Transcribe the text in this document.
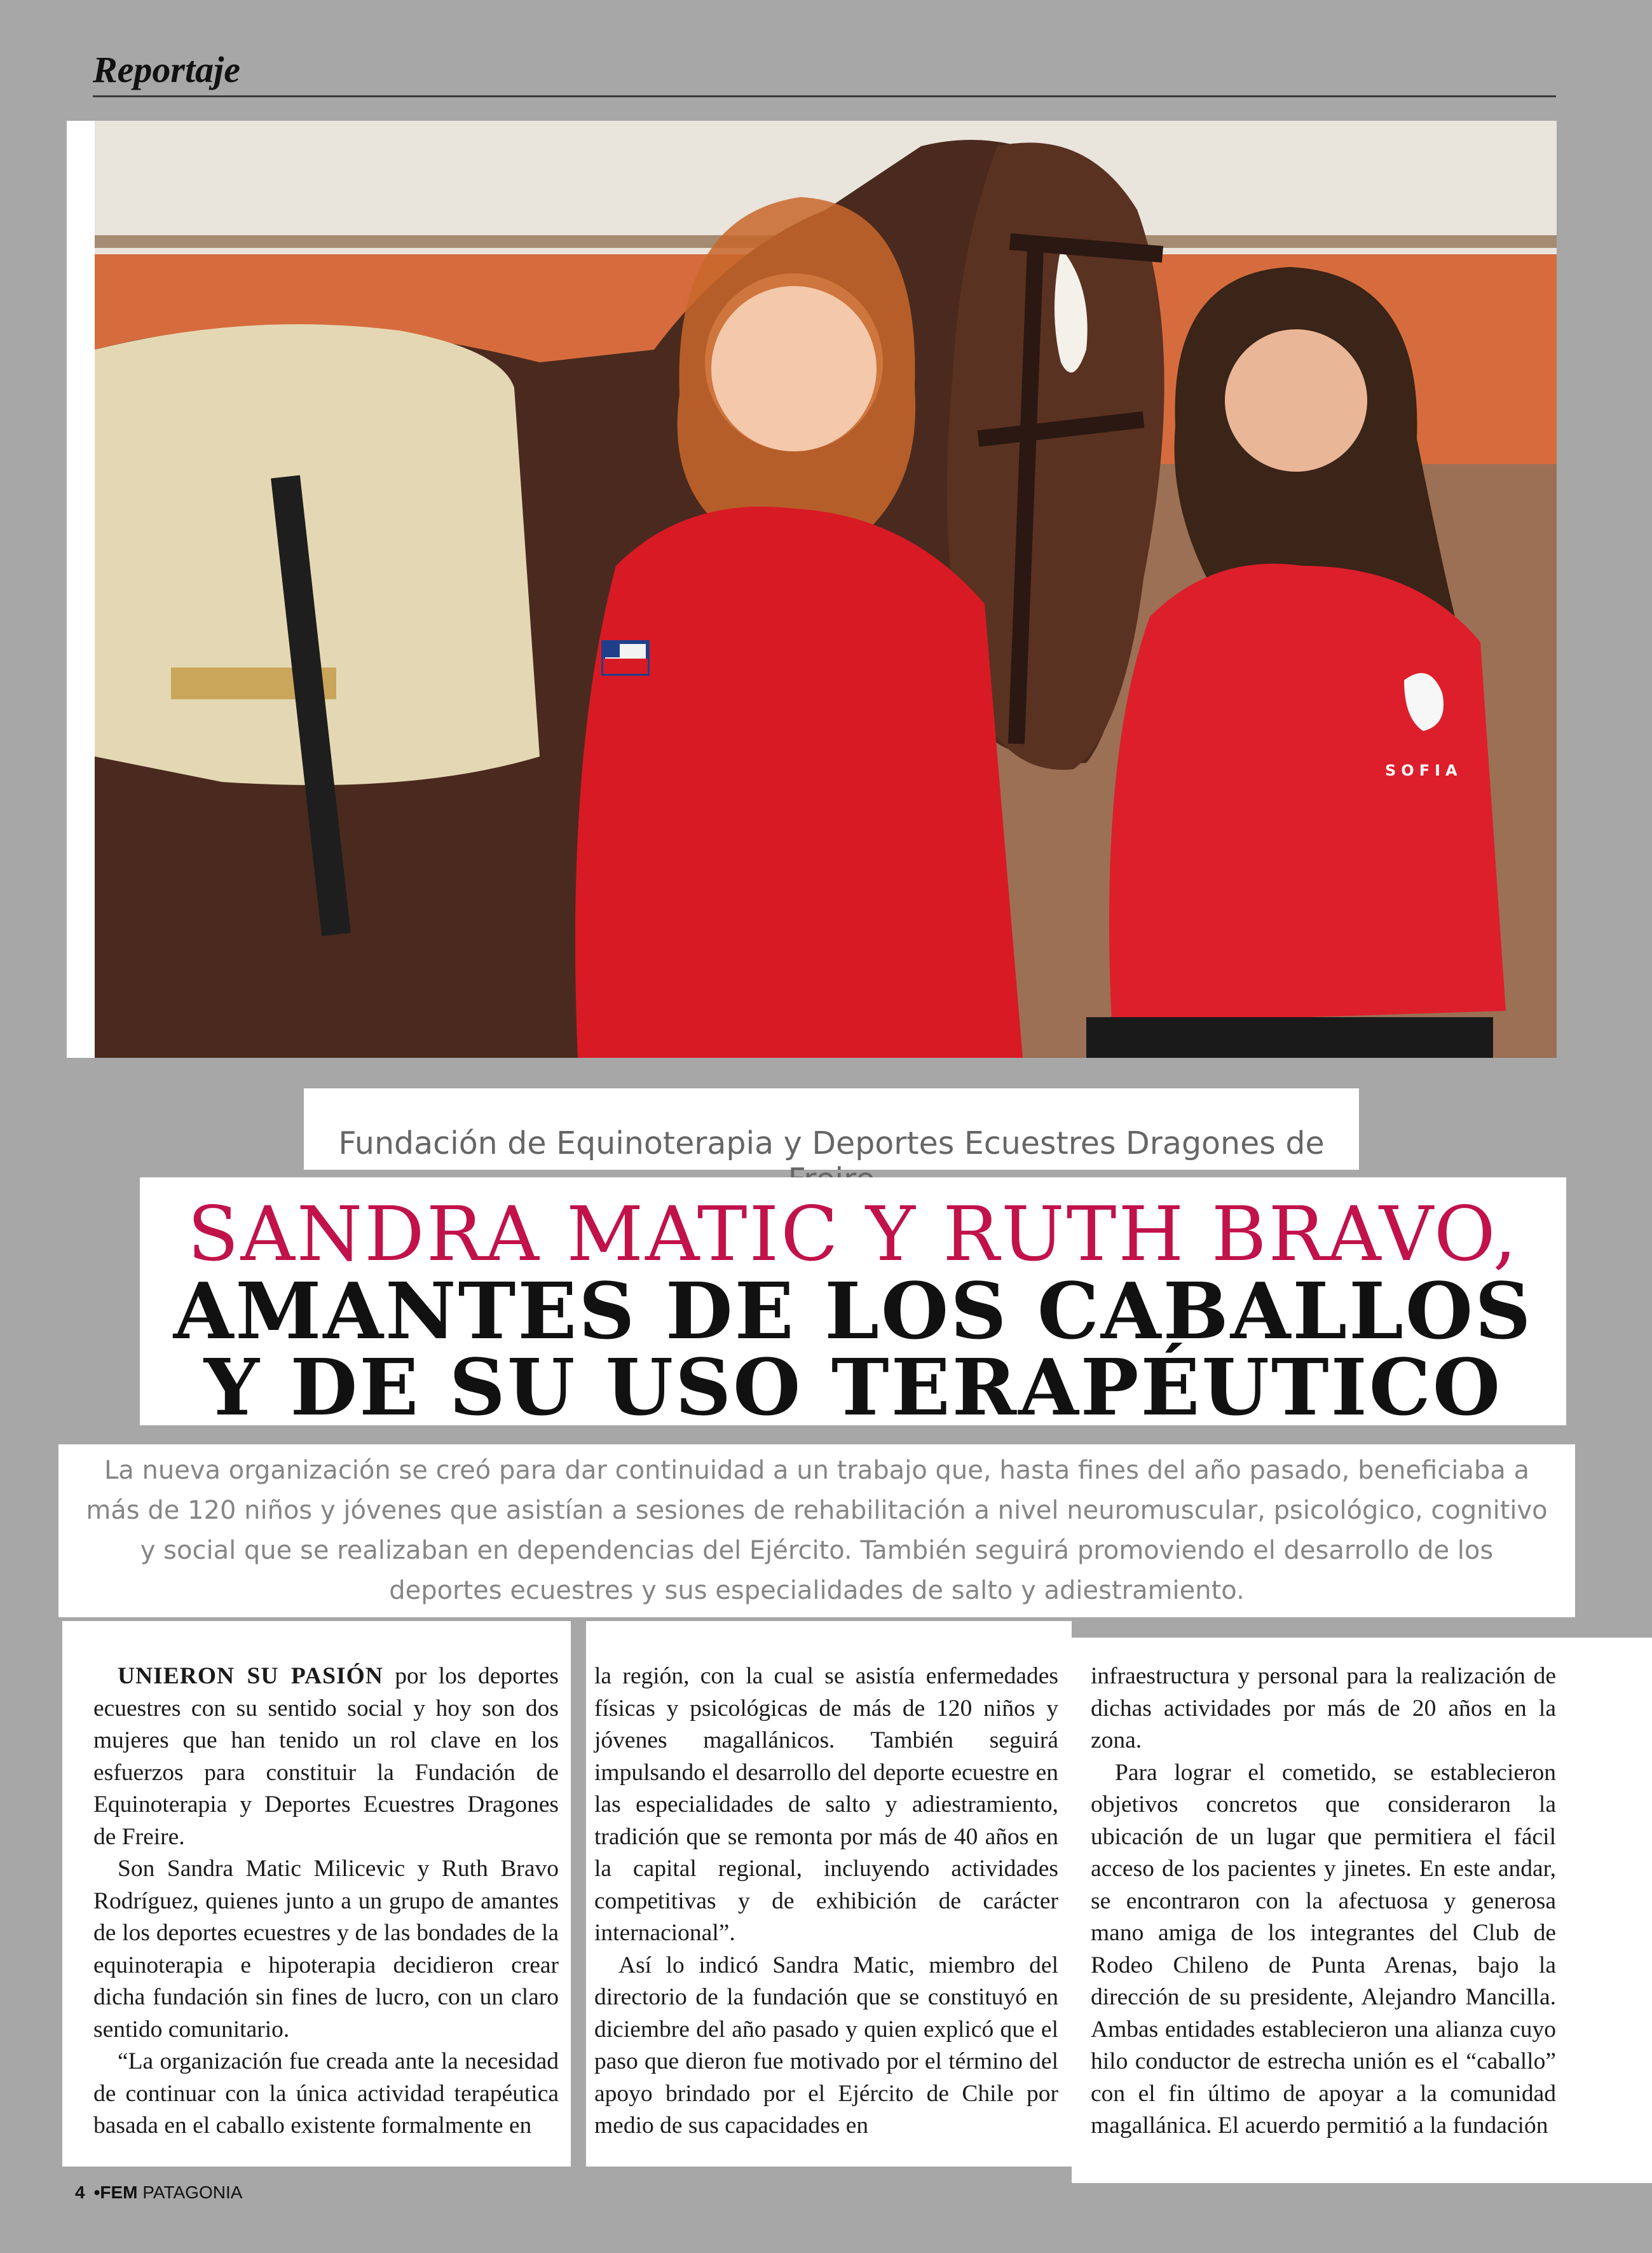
Reportaje
SOFIA
Fundación de Equinoterapia y Deportes Ecuestres Dragones de
SANDRA MATIC Y RUTH BRAVO,
AMANTES DE LOS CABALLOS
Y DE SU USO TERAPÉUTICO
La nueva organización se creó para dar continuidad a un trabajo que, hasta fines del año pasado, beneficiaba a más de 120 niños y jóvenes que asistían a sesiones de rehabilitación a nivel neuromuscular, psicológico, cognitivo y social que se realizaban en dependencias del Ejército. También seguirá promoviendo el desarrollo de los deportes ecuestres y sus especialidades de salto y adiestramiento.

UNIERON SU PASIÓN por los deportes ecuestres con su sentido social y hoy son dos mujeres que han tenido un rol clave en los esfuerzos para constituir la Fundación de Equinoterapia y Deportes Ecuestres Dragones de Freire.

Son Sandra Matic Milicevic y Ruth Bravo Rodríguez, quienes junto a un grupo de amantes de los deportes ecuestres y de las bondades de la equinoterapia e hipoterapia decidieron crear dicha fundación sin fines de lucro, con un claro sentido comunitario.

“La organización fue creada ante la necesidad de continuar con la única actividad terapéutica basada en el caballo existente formalmente en

la región, con la cual se asistía enfermedades físicas y psicológicas de más de 120 niños y jóvenes magallánicos. También seguirá impulsando el desarrollo del deporte ecuestre en las especialidades de salto y adiestramiento, tradición que se remonta por más de 40 años en la capital regional, incluyendo actividades competitivas y de exhibición de carácter internacional”.

Así lo indicó Sandra Matic, miembro del directorio de la fundación que se constituyó en diciembre del año pasado y quien explicó que el paso que dieron fue motivado por el término del apoyo brindado por el Ejército de Chile por medio de sus capacidades en

infraestructura y personal para la realización de dichas actividades por más de 20 años en la zona.

Para lograr el cometido, se establecieron objetivos concretos que consideraron la ubicación de un lugar que permitiera el fácil acceso de los pacientes y jinetes. En este andar, se encontraron con la afectuosa y generosa mano amiga de los integrantes del Club de Rodeo Chileno de Punta Arenas, bajo la dirección de su presidente, Alejandro Mancilla. Ambas entidades establecieron una alianza cuyo hilo conductor de estrecha unión es el “caballo” con el fin último de apoyar a la comunidad magallánica. El acuerdo permitió a la fundación

4 •FEM PATAGONIA
